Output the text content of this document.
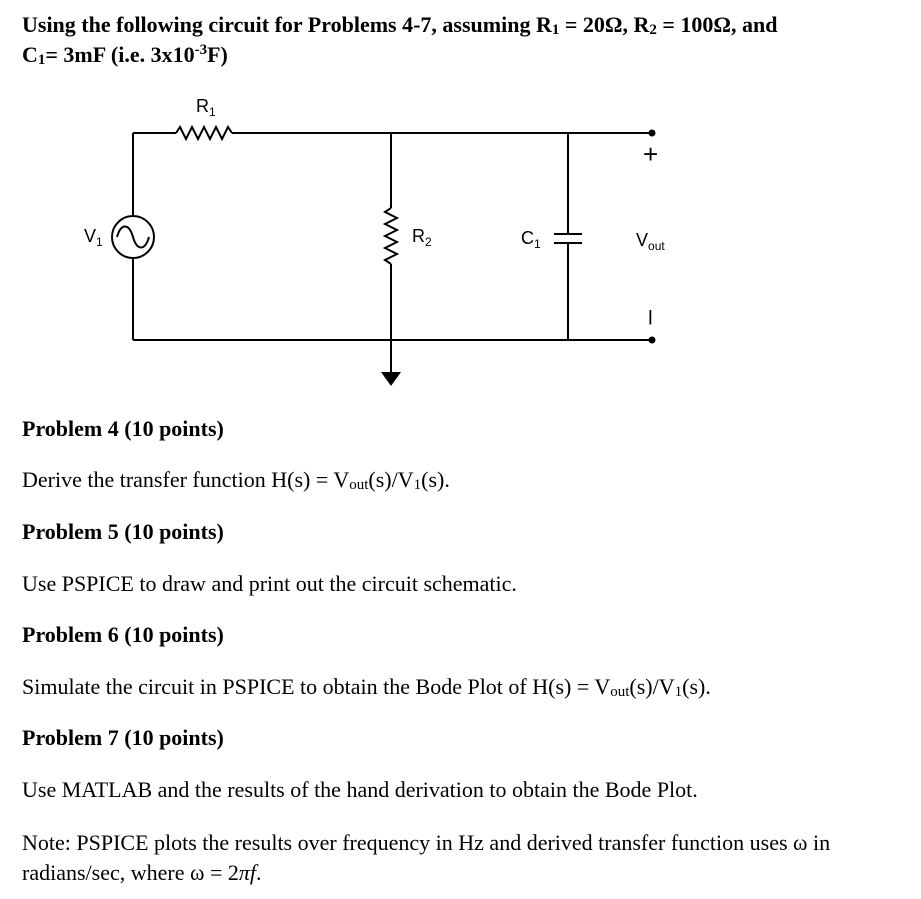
Using the following circuit for Problems 4-7, assuming $R_1 = 20\Omega$, $R_2 = 100\Omega$, and
$C_1= 3mF$ (i.e. $3x10^{-3}F$)
$R_1$
$R_2$	$C_1$
$V_1$	$V_{out}$
+
–
Problem 4 (10 points)
Derive the transfer function $H(s) = V_{out}(s)/V_1(s)$.
Problem 5 (10 points)
Use PSPICE to draw and print out the circuit schematic.
Problem 6 (10 points)
Simulate the circuit in PSPICE to obtain the Bode Plot of $H(s) = V_{out}(s)/V_1(s)$.
Problem 7 (10 points)
Use MATLAB and the results of the hand derivation to obtain the Bode Plot.
Note: PSPICE plots the results over frequency in Hz and derived transfer function uses ω in radians/sec, where ω = 2πf.
